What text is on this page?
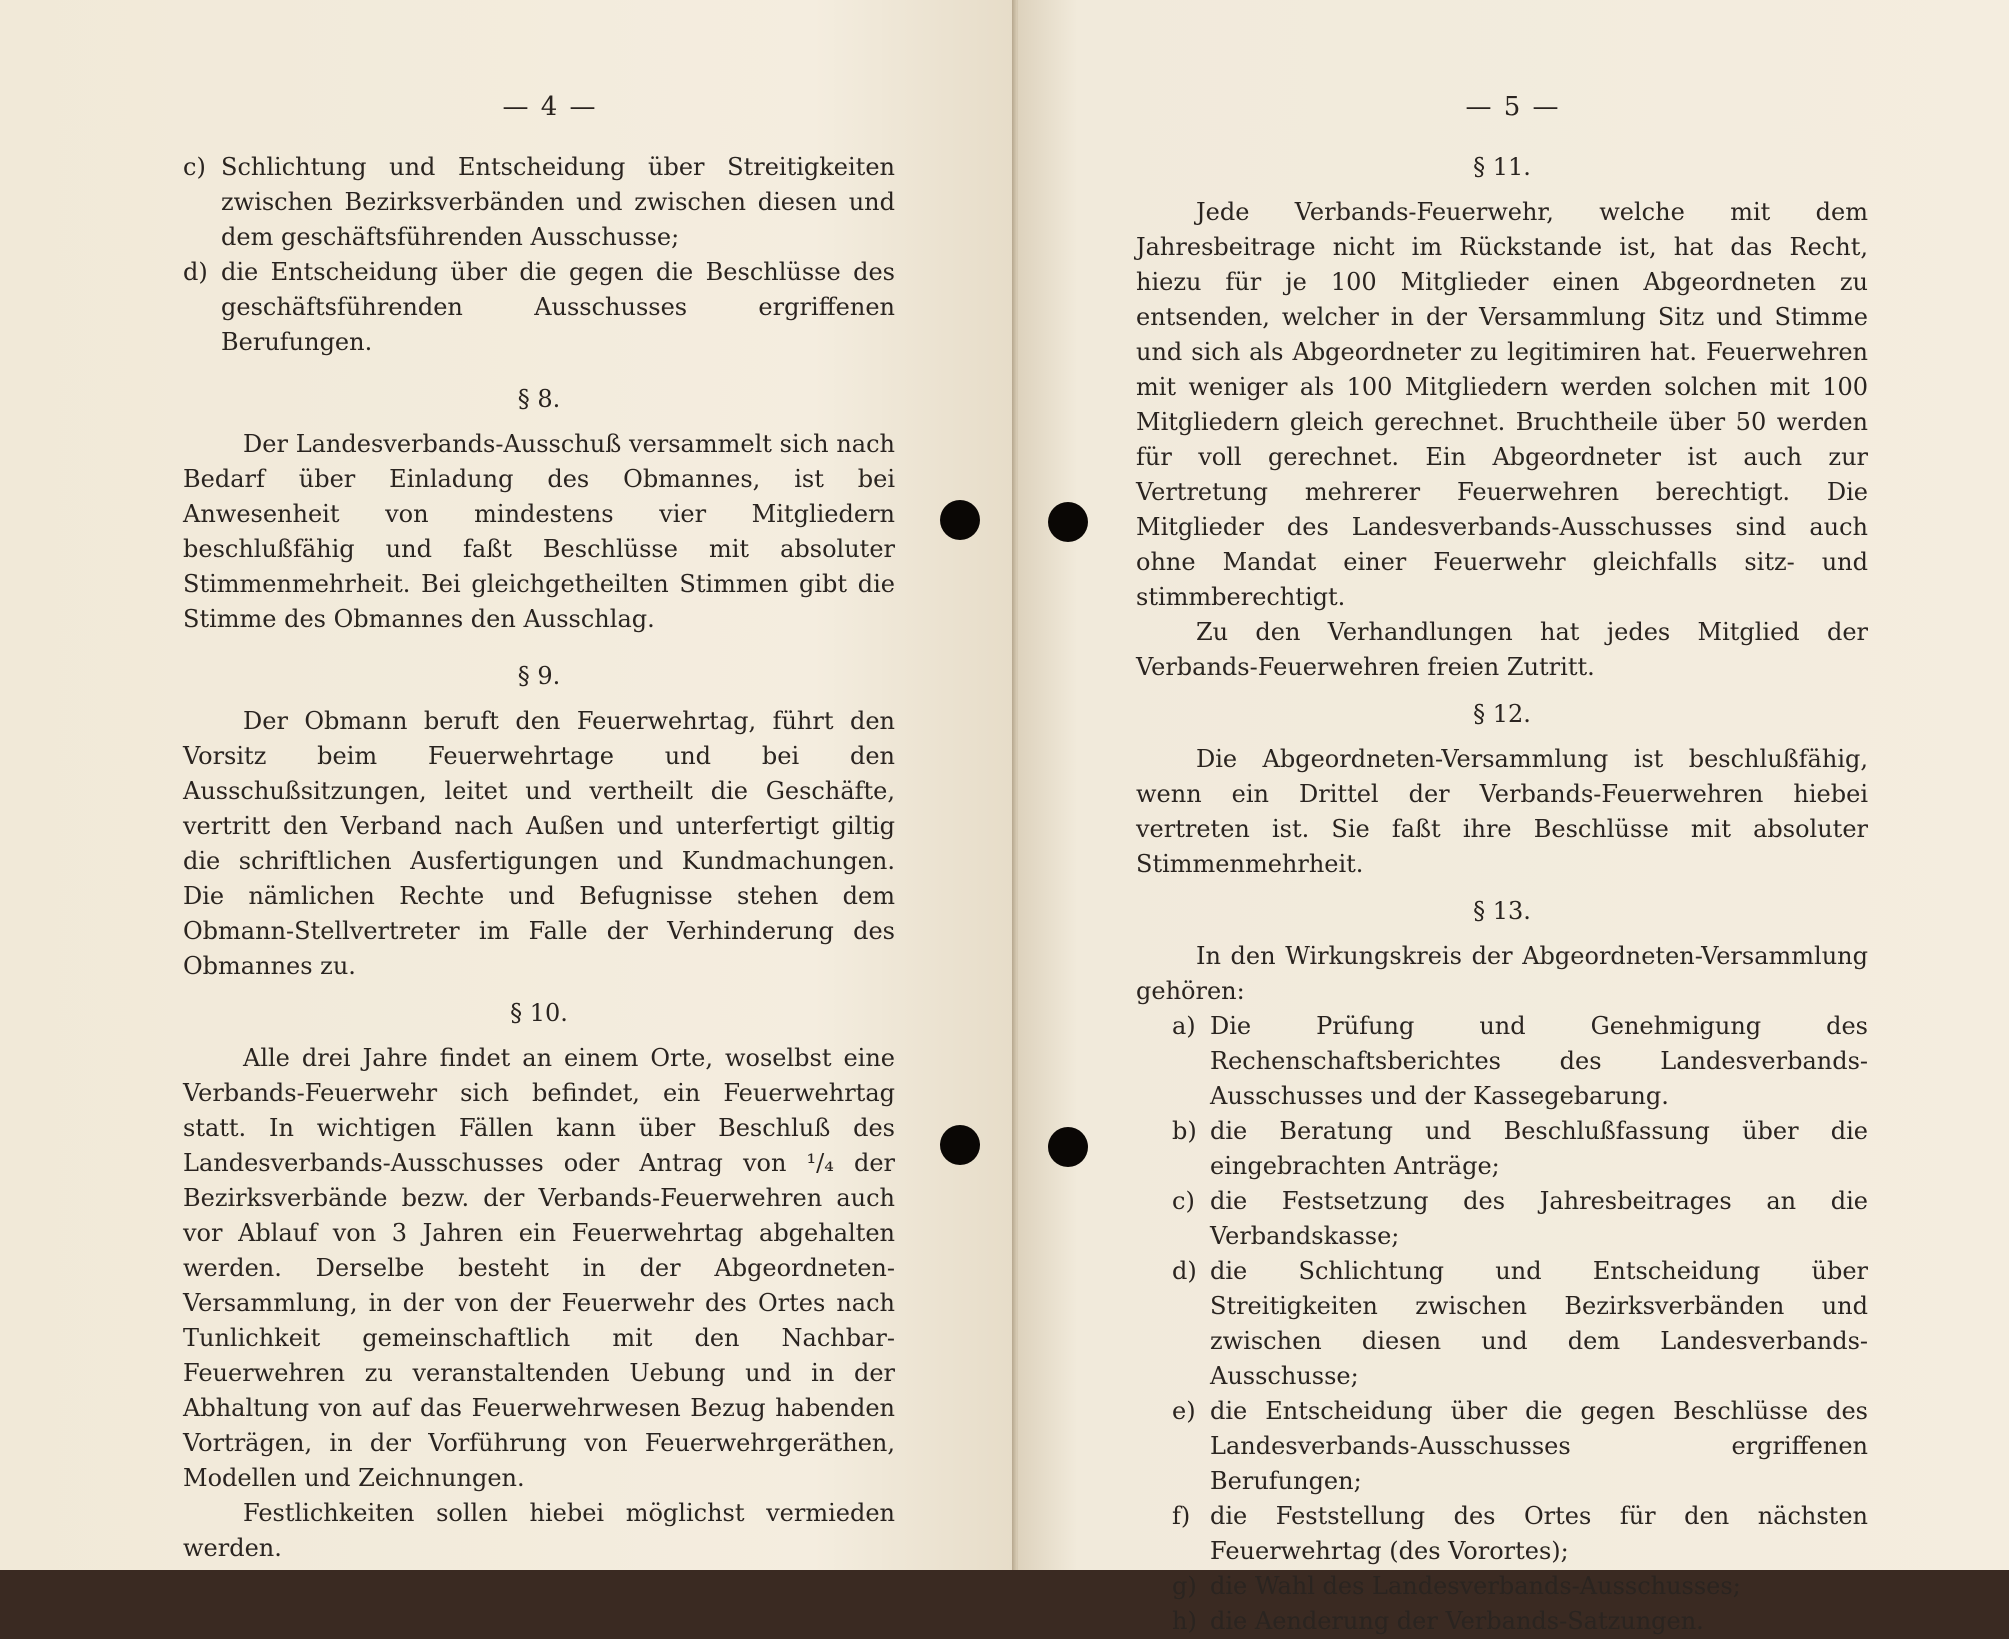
— 4 —
c) Schlichtung und Entscheidung über Streitigkeiten zwischen Bezirksverbänden und zwischen diesen und dem geschäftsführenden Ausschusse;
d) die Entscheidung über die gegen die Beschlüsse des geschäftsführenden Ausschusses ergriffenen Berufungen.
§ 8.

Der Landesverbands-Ausschuß versammelt sich nach Bedarf über Einladung des Obmannes, ist bei Anwesenheit von mindestens vier Mitgliedern beschlußfähig und faßt Beschlüsse mit absoluter Stimmenmehrheit. Bei gleichgetheilten Stimmen gibt die Stimme des Obmannes den Ausschlag.

§ 9.

Der Obmann beruft den Feuerwehrtag, führt den Vorsitz beim Feuerwehrtage und bei den Ausschußsitzungen, leitet und vertheilt die Geschäfte, vertritt den Verband nach Außen und unterfertigt giltig die schriftlichen Ausfertigungen und Kundmachungen. Die nämlichen Rechte und Befugnisse stehen dem Obmann-Stellvertreter im Falle der Verhinderung des Obmannes zu.

§ 10.

Alle drei Jahre findet an einem Orte, woselbst eine Verbands-Feuerwehr sich befindet, ein Feuerwehrtag statt. In wichtigen Fällen kann über Beschluß des Landesverbands-Ausschusses oder Antrag von ¹/₄ der Bezirksverbände bezw. der Verbands-Feuerwehren auch vor Ablauf von 3 Jahren ein Feuerwehrtag abgehalten werden. Derselbe besteht in der Abgeordneten-Versammlung, in der von der Feuerwehr des Ortes nach Tunlichkeit gemeinschaftlich mit den Nachbar-Feuerwehren zu veranstaltenden Uebung und in der Abhaltung von auf das Feuerwehrwesen Bezug habenden Vorträgen, in der Vorführung von Feuerwehrgeräthen, Modellen und Zeichnungen.

Festlichkeiten sollen hiebei möglichst vermieden werden.

— 5 —
§ 11.

Jede Verbands-Feuerwehr, welche mit dem Jahresbeitrage nicht im Rückstande ist, hat das Recht, hiezu für je 100 Mitglieder einen Abgeordneten zu entsenden, welcher in der Versammlung Sitz und Stimme und sich als Abgeordneter zu legitimiren hat. Feuerwehren mit weniger als 100 Mitgliedern werden solchen mit 100 Mitgliedern gleich gerechnet. Bruchtheile über 50 werden für voll gerechnet. Ein Abgeordneter ist auch zur Vertretung mehrerer Feuerwehren berechtigt. Die Mitglieder des Landesverbands-Ausschusses sind auch ohne Mandat einer Feuerwehr gleichfalls sitz- und stimmberechtigt.

Zu den Verhandlungen hat jedes Mitglied der Verbands-Feuerwehren freien Zutritt.

§ 12.

Die Abgeordneten-Versammlung ist beschlußfähig, wenn ein Drittel der Verbands-Feuerwehren hiebei vertreten ist. Sie faßt ihre Beschlüsse mit absoluter Stimmenmehrheit.

§ 13.

In den Wirkungskreis der Abgeordneten-Versammlung gehören:

a) Die Prüfung und Genehmigung des Rechenschaftsberichtes des Landesverbands-Ausschusses und der Kassegebarung.
b) die Beratung und Beschlußfassung über die eingebrachten Anträge;
c) die Festsetzung des Jahresbeitrages an die Verbandskasse;
d) die Schlichtung und Entscheidung über Streitigkeiten zwischen Bezirksverbänden und zwischen diesen und dem Landesverbands-Ausschusse;
e) die Entscheidung über die gegen Beschlüsse des Landesverbands-Ausschusses ergriffenen Berufungen;
f) die Feststellung des Ortes für den nächsten Feuerwehrtag (des Vorortes);
g) die Wahl des Landesverbands-Ausschusses;
h) die Aenderung der Verbands-Satzungen.
